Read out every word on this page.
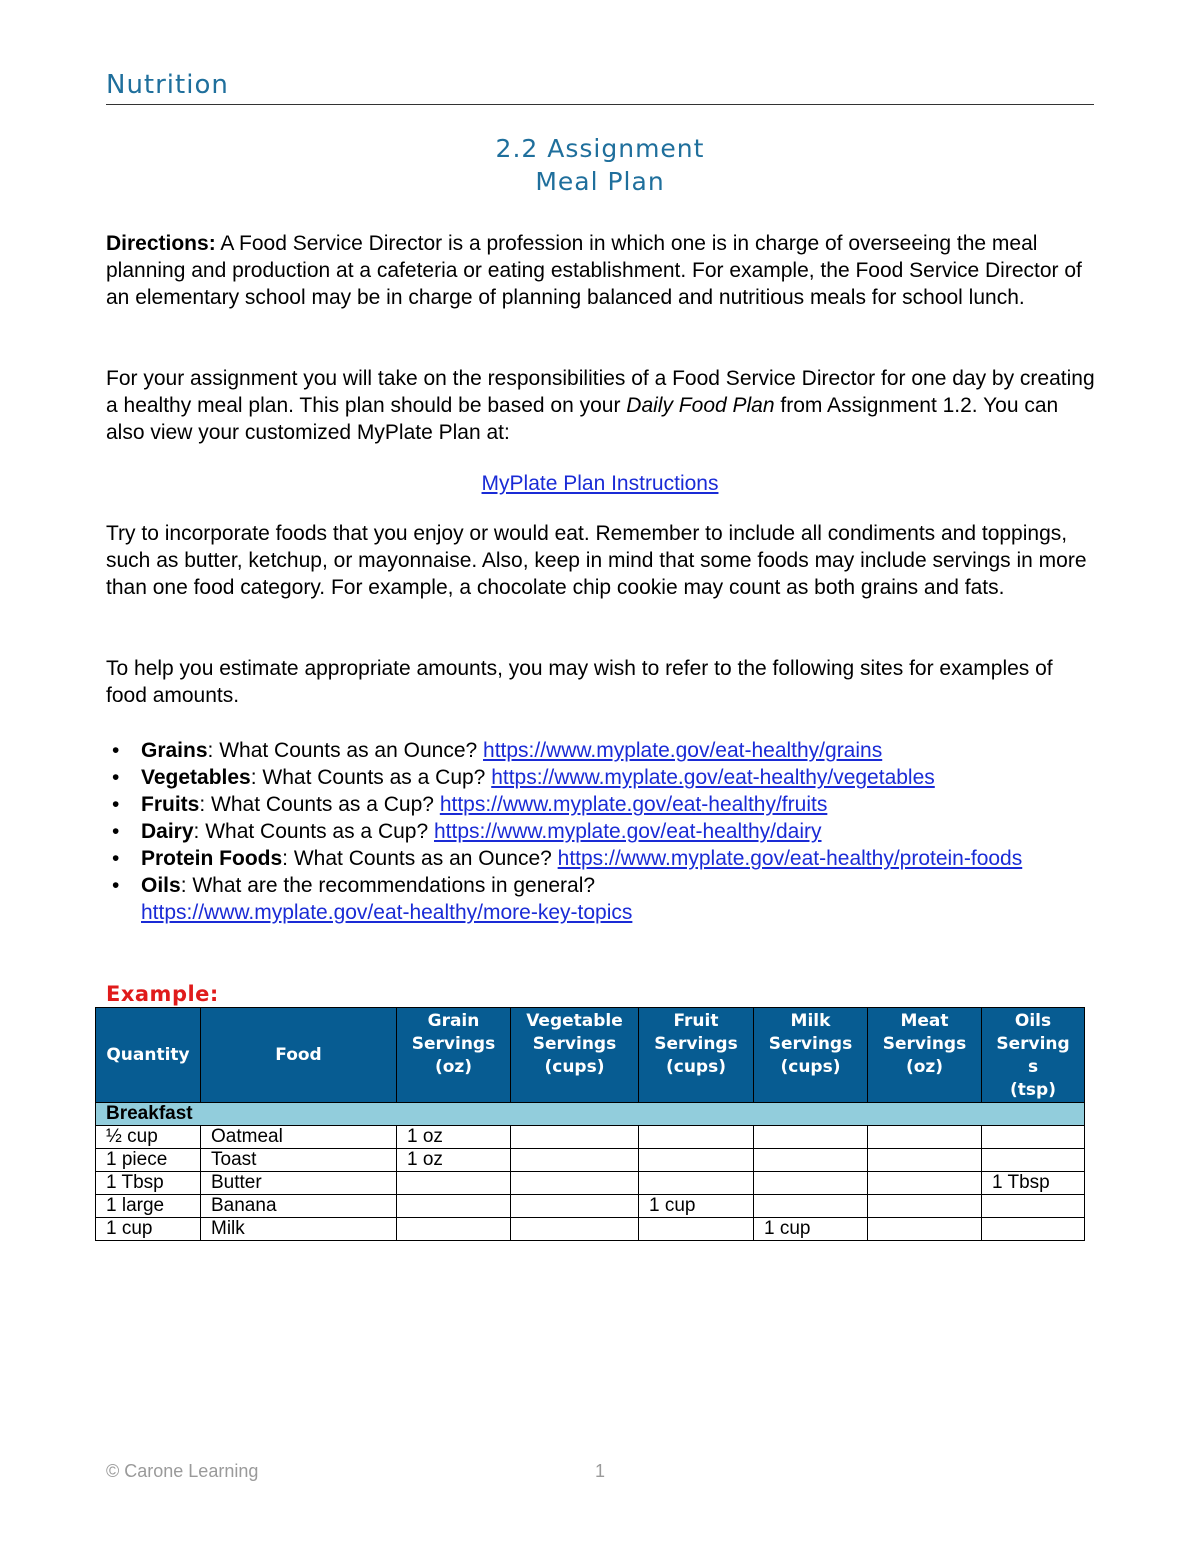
Nutrition
2.2 Assignment
Meal Plan
Directions: A Food Service Director is a profession in which one is in charge of overseeing the meal planning and production at a cafeteria or eating establishment. For example, the Food Service Director of an elementary school may be in charge of planning balanced and nutritious meals for school lunch.
For your assignment you will take on the responsibilities of a Food Service Director for one day by creating a healthy meal plan. This plan should be based on your Daily Food Plan from Assignment 1.2. You can also view your customized MyPlate Plan at:
MyPlate Plan Instructions
Try to incorporate foods that you enjoy or would eat. Remember to include all condiments and toppings, such as butter, ketchup, or mayonnaise. Also, keep in mind that some foods may include servings in more than one food category. For example, a chocolate chip cookie may count as both grains and fats.
To help you estimate appropriate amounts, you may wish to refer to the following sites for examples of food amounts.
• Grains: What Counts as an Ounce? https://www.myplate.gov/eat-healthy/grains
• Vegetables: What Counts as a Cup? https://www.myplate.gov/eat-healthy/vegetables
• Fruits: What Counts as a Cup? https://www.myplate.gov/eat-healthy/fruits
• Dairy: What Counts as a Cup? https://www.myplate.gov/eat-healthy/dairy
• Protein Foods: What Counts as an Ounce? https://www.myplate.gov/eat-healthy/protein-foods
• Oils: What are the recommendations in general?
https://www.myplate.gov/eat-healthy/more-key-topics
Example:
Quantity	Food	Grain
Servings
(oz)	Vegetable
Servings
(cups)	Fruit
Servings
(cups)	Milk
Servings
(cups)	Meat
Servings
(oz)	Oils
Serving
s
(tsp)
Breakfast							
½ cup	Oatmeal	1 oz					
1 piece	Toast	1 oz					
1 Tbsp	Butter						1 Tbsp
1 large	Banana			1 cup			
1 cup	Milk				1 cup		
© Carone Learning	1
